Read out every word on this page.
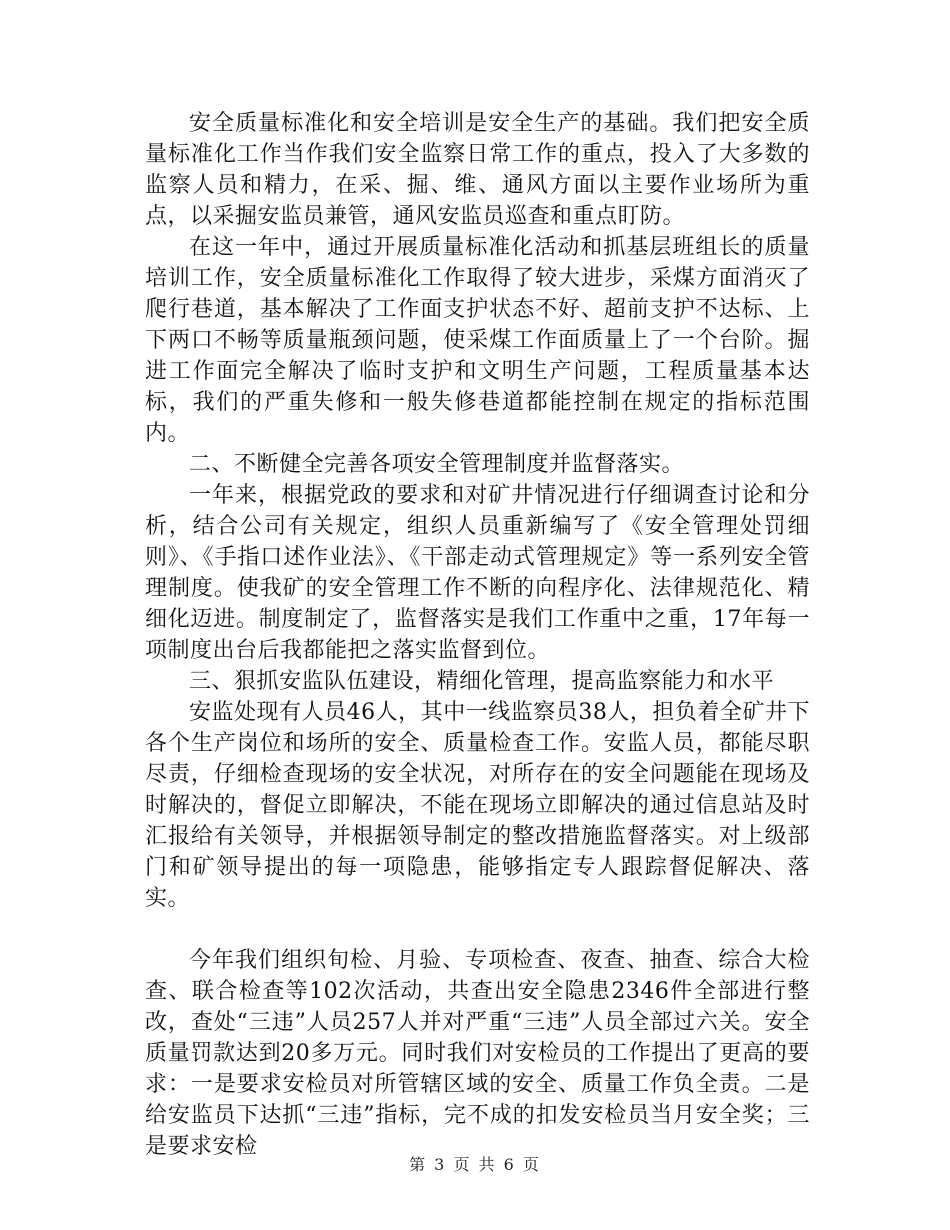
安全质量标准化和安全培训是安全生产的基础。我们把安全质量标准化工作当作我们安全监察日常工作的重点，投入了大多数的监察人员和精力，在采、掘、维、通风方面以主要作业场所为重点，以采掘安监员兼管，通风安监员巡查和重点盯防。

在这一年中，通过开展质量标准化活动和抓基层班组长的质量培训工作，安全质量标准化工作取得了较大进步，采煤方面消灭了爬行巷道，基本解决了工作面支护状态不好、超前支护不达标、上下两口不畅等质量瓶颈问题，使采煤工作面质量上了一个台阶。掘进工作面完全解决了临时支护和文明生产问题，工程质量基本达标，我们的严重失修和一般失修巷道都能控制在规定的指标范围内。

二、不断健全完善各项安全管理制度并监督落实。

一年来，根据党政的要求和对矿井情况进行仔细调查讨论和分析，结合公司有关规定，组织人员重新编写了《安全管理处罚细则》、《手指口述作业法》、《干部走动式管理规定》等一系列安全管理制度。使我矿的安全管理工作不断的向程序化、法律规范化、精细化迈进。制度制定了，监督落实是我们工作重中之重，17年每一项制度出台后我都能把之落实监督到位。

三、狠抓安监队伍建设，精细化管理，提高监察能力和水平

安监处现有人员46人，其中一线监察员38人，担负着全矿井下各个生产岗位和场所的安全、质量检查工作。安监人员，都能尽职尽责，仔细检查现场的安全状况，对所存在的安全问题能在现场及时解决的，督促立即解决，不能在现场立即解决的通过信息站及时汇报给有关领导，并根据领导制定的整改措施监督落实。对上级部门和矿领导提出的每一项隐患，能够指定专人跟踪督促解决、落实。

今年我们组织旬检、月验、专项检查、夜查、抽查、综合大检查、联合检查等102次活动，共查出安全隐患2346件全部进行整改，查处“三违”人员257人并对严重“三违”人员全部过六关。安全质量罚款达到20多万元。同时我们对安检员的工作提出了更高的要求：一是要求安检员对所管辖区域的安全、质量工作负全责。二是给安监员下达抓“三违”指标，完不成的扣发安检员当月安全奖；三是要求安检

第 3 页 共 6 页
